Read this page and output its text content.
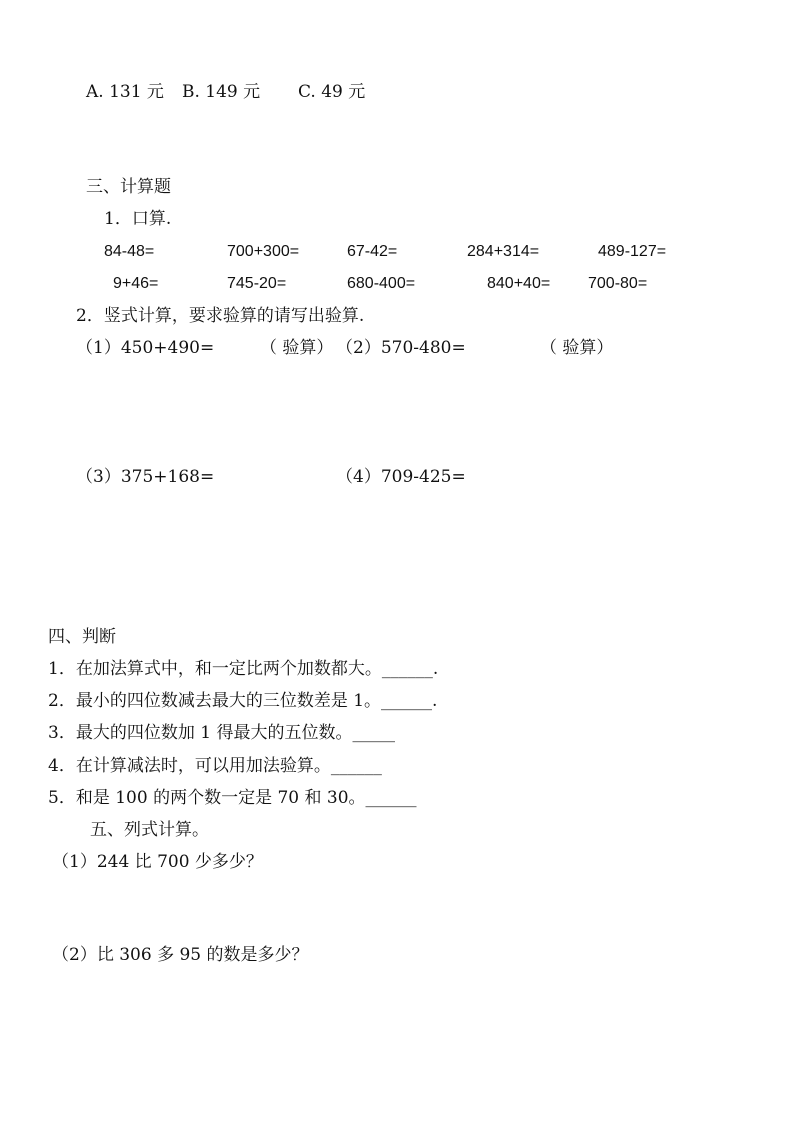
A. 131 元 B. 149 元 C. 49 元
三、计算题
1．口算.
84-48=	700+300=	67-42=	284+314=	489-127=
9+46=	745-20=	680-400=	840+40= 700-80=
2．竖式计算，要求验算的请写出验算.
（1）450+490=	（ 验算） （2）570-480=	（ 验算）
（3）375+168=	（4）709-425=
四、判断
1．在加法算式中，和一定比两个加数都大。______.
2．最小的四位数减去最大的三位数差是 1。______.
3．最大的四位数加 1 得最大的五位数。_____
4．在计算减法时，可以用加法验算。______
5．和是 100 的两个数一定是 70 和 30。______
五、列式计算。
（1）244 比 700 少多少？
（2）比 306 多 95 的数是多少？
